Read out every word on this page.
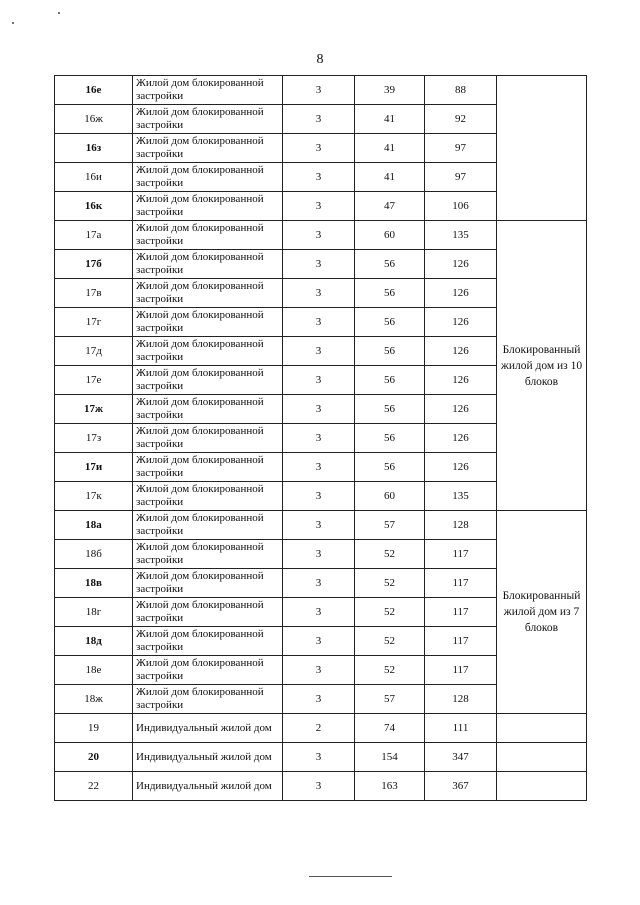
8
16е	Жилой дом блокированной застройки	3	39	88	
16ж	Жилой дом блокированной застройки	3	41	92	
16з	Жилой дом блокированной застройки	3	41	97	
16и	Жилой дом блокированной застройки	3	41	97	
16к	Жилой дом блокированной застройки	3	47	106	
17а	Жилой дом блокированной застройки	3	60	135	Блокированный жилой дом из 10 блоков
17б	Жилой дом блокированной застройки	3	56	126	
17в	Жилой дом блокированной застройки	3	56	126	
17г	Жилой дом блокированной застройки	3	56	126	
17д	Жилой дом блокированной застройки	3	56	126	
17е	Жилой дом блокированной застройки	3	56	126	
17ж	Жилой дом блокированной застройки	3	56	126	
17з	Жилой дом блокированной застройки	3	56	126	
17и	Жилой дом блокированной застройки	3	56	126	
17к	Жилой дом блокированной застройки	3	60	135	
18а	Жилой дом блокированной застройки	3	57	128	Блокированный жилой дом из 7 блоков
18б	Жилой дом блокированной застройки	3	52	117	
18в	Жилой дом блокированной застройки	3	52	117	
18г	Жилой дом блокированной застройки	3	52	117	
18д	Жилой дом блокированной застройки	3	52	117	
18е	Жилой дом блокированной застройки	3	52	117	
18ж	Жилой дом блокированной застройки	3	57	128	
19	Индивидуальный жилой дом	2	74	111	
20	Индивидуальный жилой дом	3	154	347	
22	Индивидуальный жилой дом	3	163	367	
